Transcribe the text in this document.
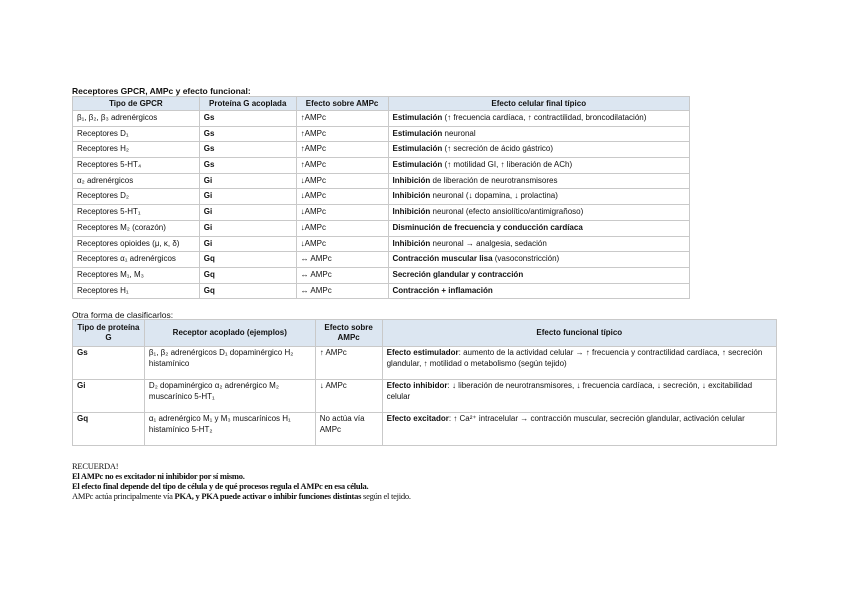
Receptores GPCR, AMPc y efecto funcional:
Tipo de GPCR	Proteína G acoplada	Efecto sobre AMPc	Efecto celular final típico
β₁, β₂, β₃ adrenérgicos	Gs	↑AMPc	Estimulación (↑ frecuencia cardíaca, ↑ contractilidad, broncodilatación)
Receptores D₁	Gs	↑AMPc	Estimulación neuronal
Receptores H₂	Gs	↑AMPc	Estimulación (↑ secreción de ácido gástrico)
Receptores 5-HT₄	Gs	↑AMPc	Estimulación (↑ motilidad GI, ↑ liberación de ACh)
α₂ adrenérgicos	Gi	↓AMPc	Inhibición de liberación de neurotransmisores
Receptores D₂	Gi	↓AMPc	Inhibición neuronal (↓ dopamina, ↓ prolactina)
Receptores 5-HT₁	Gi	↓AMPc	Inhibición neuronal (efecto ansiolítico/antimigrañoso)
Receptores M₂ (corazón)	Gi	↓AMPc	Disminución de frecuencia y conducción cardíaca
Receptores opioides (μ, κ, δ)	Gi	↓AMPc	Inhibición neuronal → analgesia, sedación
Receptores α₁ adrenérgicos	Gq	↔ AMPc	Contracción muscular lisa (vasoconstricción)
Receptores M₁, M₃	Gq	↔ AMPc	Secreción glandular y contracción
Receptores H₁	Gq	↔ AMPc	Contracción + inflamación
Otra forma de clasificarlos:
Tipo de proteína G	Receptor acoplado (ejemplos)	Efecto sobre AMPc	Efecto funcional típico
Gs	β₁, β₂ adrenérgicos D₁ dopaminérgico H₂ histamínico	↑ AMPc	Efecto estimulador: aumento de la actividad celular → ↑ frecuencia y contractilidad cardíaca, ↑ secreción glandular, ↑ motilidad o metabolismo (según tejido)
Gi	D₂ dopaminérgico α₂ adrenérgico M₂ muscarínico 5-HT₁	↓ AMPc	Efecto inhibidor: ↓ liberación de neurotransmisores, ↓ frecuencia cardíaca, ↓ secreción, ↓ excitabilidad celular
Gq	α₁ adrenérgico M₁ y M₃ muscarínicos H₁ histamínico 5-HT₂	No actúa vía AMPc	Efecto excitador: ↑ Ca²⁺ intracelular → contracción muscular, secreción glandular, activación celular
RECUERDA!
El AMPc no es excitador ni inhibidor por sí mismo.
El efecto final depende del tipo de célula y de qué procesos regula el AMPc en esa célula.
AMPc actúa principalmente vía PKA, y PKA puede activar o inhibir funciones distintas según el tejido.
